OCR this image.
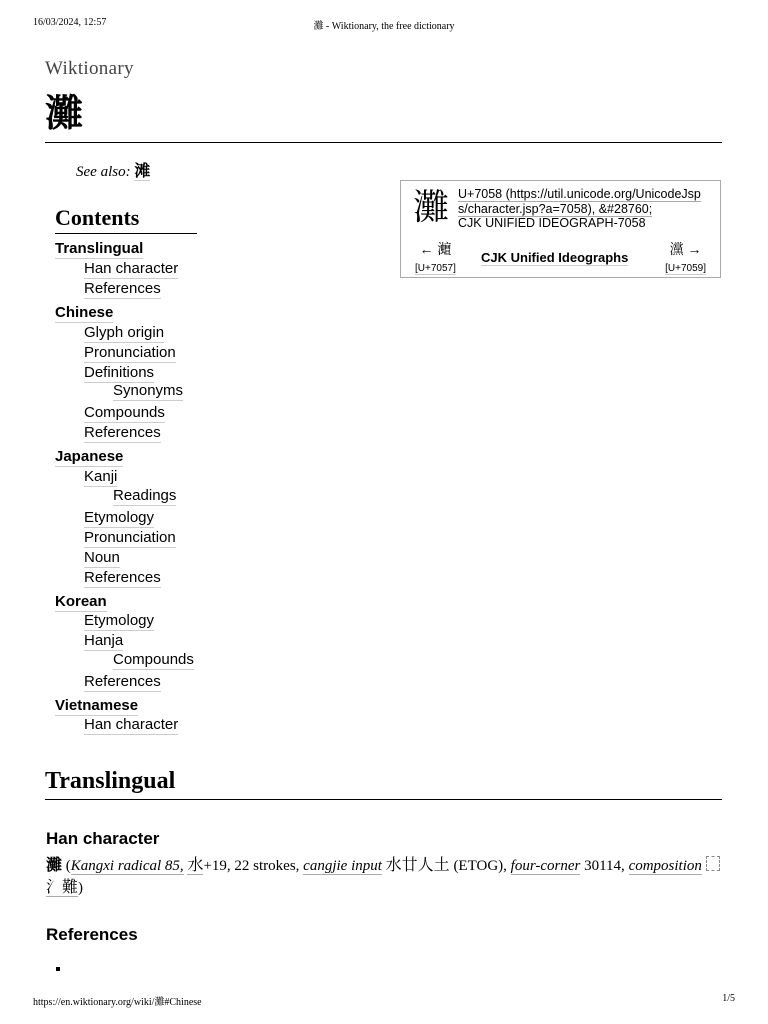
16/03/2024, 12:57	灘 - Wiktionary, the free dictionary
Wiktionary
灘
See also: 滩
Contents
Translingual
Han character
References
Chinese
Glyph origin
Pronunciation
Definitions
Synonyms
Compounds
References
Japanese
Kanji
Readings
Etymology
Pronunciation
Noun
References
Korean
Etymology
Hanja
Compounds
References
Vietnamese
Han character
灘 U+7058 (https://util.unicode.org/UnicodeJsp
s/character.jsp?a=7058), &#28760;
CJK UNIFIED IDEOGRAPH-7058
← 灗
[U+7057]
CJK Unified Ideographs
灙 →
[U+7059]
Translingual
Han character
灘 (Kangxi radical 85, 水+19, 22 strokes, cangjie input 水廿人土 (ETOG), four-corner 30114, composition  氵難)
References
https://en.wiktionary.org/wiki/灘#Chinese	1/5
